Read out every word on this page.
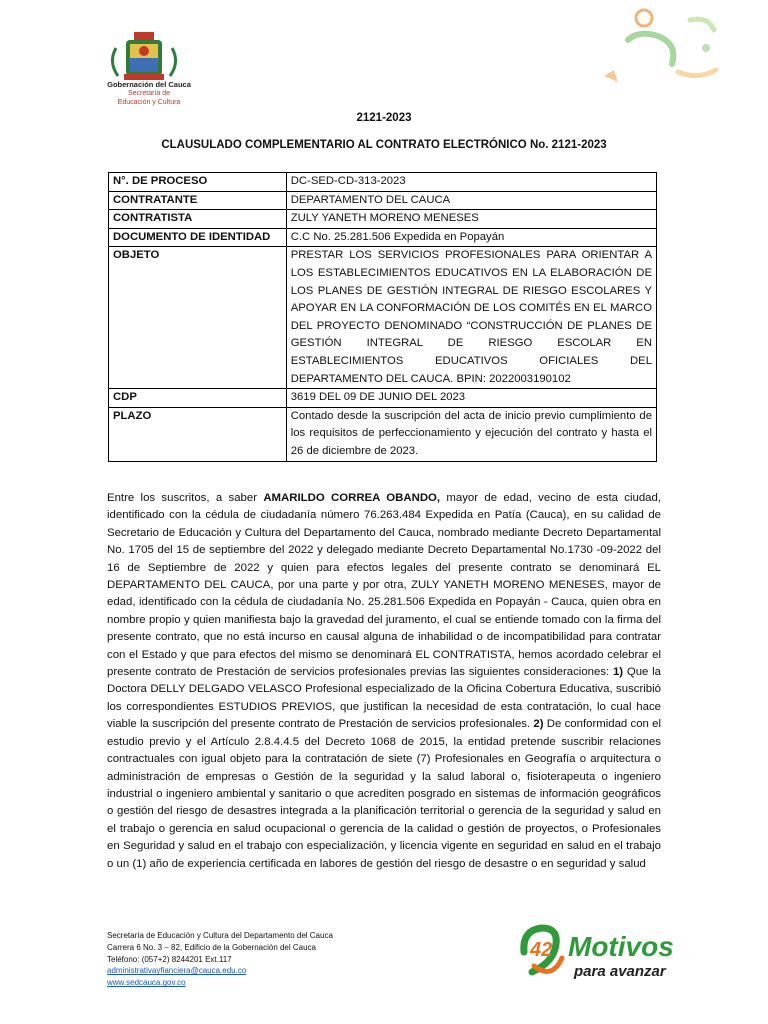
Gobernación del Cauca
Secretaría de
Educación y Cultura
2121-2023
CLAUSULADO COMPLEMENTARIO AL CONTRATO ELECTRÓNICO No. 2121-2023
N°. DE PROCESO	DC-SED-CD-313-2023
CONTRATANTE	DEPARTAMENTO DEL CAUCA
CONTRATISTA	ZULY YANETH MORENO MENESES
DOCUMENTO DE IDENTIDAD	C.C No. 25.281.506 Expedida en Popayán
OBJETO	PRESTAR LOS SERVICIOS PROFESIONALES PARA ORIENTAR A LOS ESTABLECIMIENTOS EDUCATIVOS EN LA ELABORACIÓN DE LOS PLANES DE GESTIÓN INTEGRAL DE RIESGO ESCOLARES Y APOYAR EN LA CONFORMACIÓN DE LOS COMITÉS EN EL MARCO DEL PROYECTO DENOMINADO “CONSTRUCCIÓN DE PLANES DE GESTIÓN INTEGRAL DE RIESGO ESCOLAR EN ESTABLECIMIENTOS EDUCATIVOS OFICIALES DEL DEPARTAMENTO DEL CAUCA. BPIN: 2022003190102
CDP	3619 DEL 09 DE JUNIO DEL 2023
PLAZO	Contado desde la suscripción del acta de inicio previo cumplimiento de los requisitos de perfeccionamiento y ejecución del contrato y hasta el 26 de diciembre de 2023.
Entre los suscritos, a saber AMARILDO CORREA OBANDO, mayor de edad, vecino de esta ciudad, identificado con la cédula de ciudadanía número 76.263.484 Expedida en Patía (Cauca), en su calidad de Secretario de Educación y Cultura del Departamento del Cauca, nombrado mediante Decreto Departamental No. 1705 del 15 de septiembre del 2022 y delegado mediante Decreto Departamental No.1730 -09-2022 del 16 de Septiembre de 2022 y quien para efectos legales del presente contrato se denominará EL DEPARTAMENTO DEL CAUCA, por una parte y por otra, ZULY YANETH MORENO MENESES, mayor de edad, identificado con la cédula de ciudadanía No. 25.281.506 Expedida en Popayán - Cauca, quien obra en nombre propio y quien manifiesta bajo la gravedad del juramento, el cual se entiende tomado con la firma del presente contrato, que no está incurso en causal alguna de inhabilidad o de incompatibilidad para contratar con el Estado y que para efectos del mismo se denominará EL CONTRATISTA, hemos acordado celebrar el presente contrato de Prestación de servicios profesionales previas las siguientes consideraciones: 1) Que la Doctora DELLY DELGADO VELASCO Profesional especializado de la Oficina Cobertura Educativa, suscribió los correspondientes ESTUDIOS PREVIOS, que justifican la necesidad de esta contratación, lo cual hace viable la suscripción del presente contrato de Prestación de servicios profesionales. 2) De conformidad con el estudio previo y el Artículo 2.8.4.4.5 del Decreto 1068 de 2015, la entidad pretende suscribir relaciones contractuales con igual objeto para la contratación de siete (7) Profesionales en Geografía o arquitectura o administración de empresas o Gestión de la seguridad y la salud laboral o, fisioterapeuta o ingeniero industrial o ingeniero ambiental y sanitario o que acrediten posgrado en sistemas de información geográficos o gestión del riesgo de desastres integrada a la planificación territorial o gerencia de la seguridad y salud en el trabajo o gerencia en salud ocupacional o gerencia de la calidad o gestión de proyectos, o Profesionales en Seguridad y salud en el trabajo con especialización, y licencia vigente en seguridad en salud en el trabajo o un (1) año de experiencia certificada en labores de gestión del riesgo de desastre o en seguridad y salud
Secretaría de Educación y Cultura del Departamento del Cauca
Carrera 6 No. 3 – 82, Edificio de la Gobernación del Cauca
Teléfono: (057+2) 8244201 Ext.117
administrativayfianciera@cauca.edu.co
www.sedcauca.gov.co
42 Motivos
para avanzar
